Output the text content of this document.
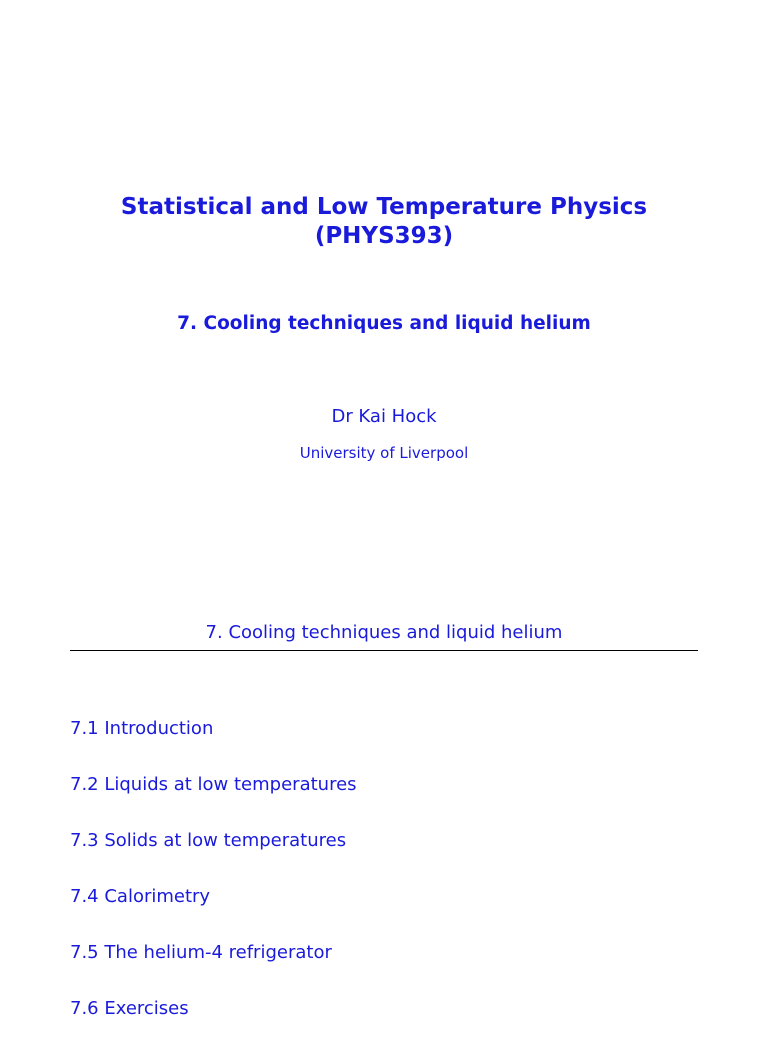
Statistical and Low Temperature Physics
(PHYS393)
7. Cooling techniques and liquid helium
Dr Kai Hock
University of Liverpool
7. Cooling techniques and liquid helium
7.1 Introduction
7.2 Liquids at low temperatures
7.3 Solids at low temperatures
7.4 Calorimetry
7.5 The helium-4 refrigerator
7.6 Exercises
